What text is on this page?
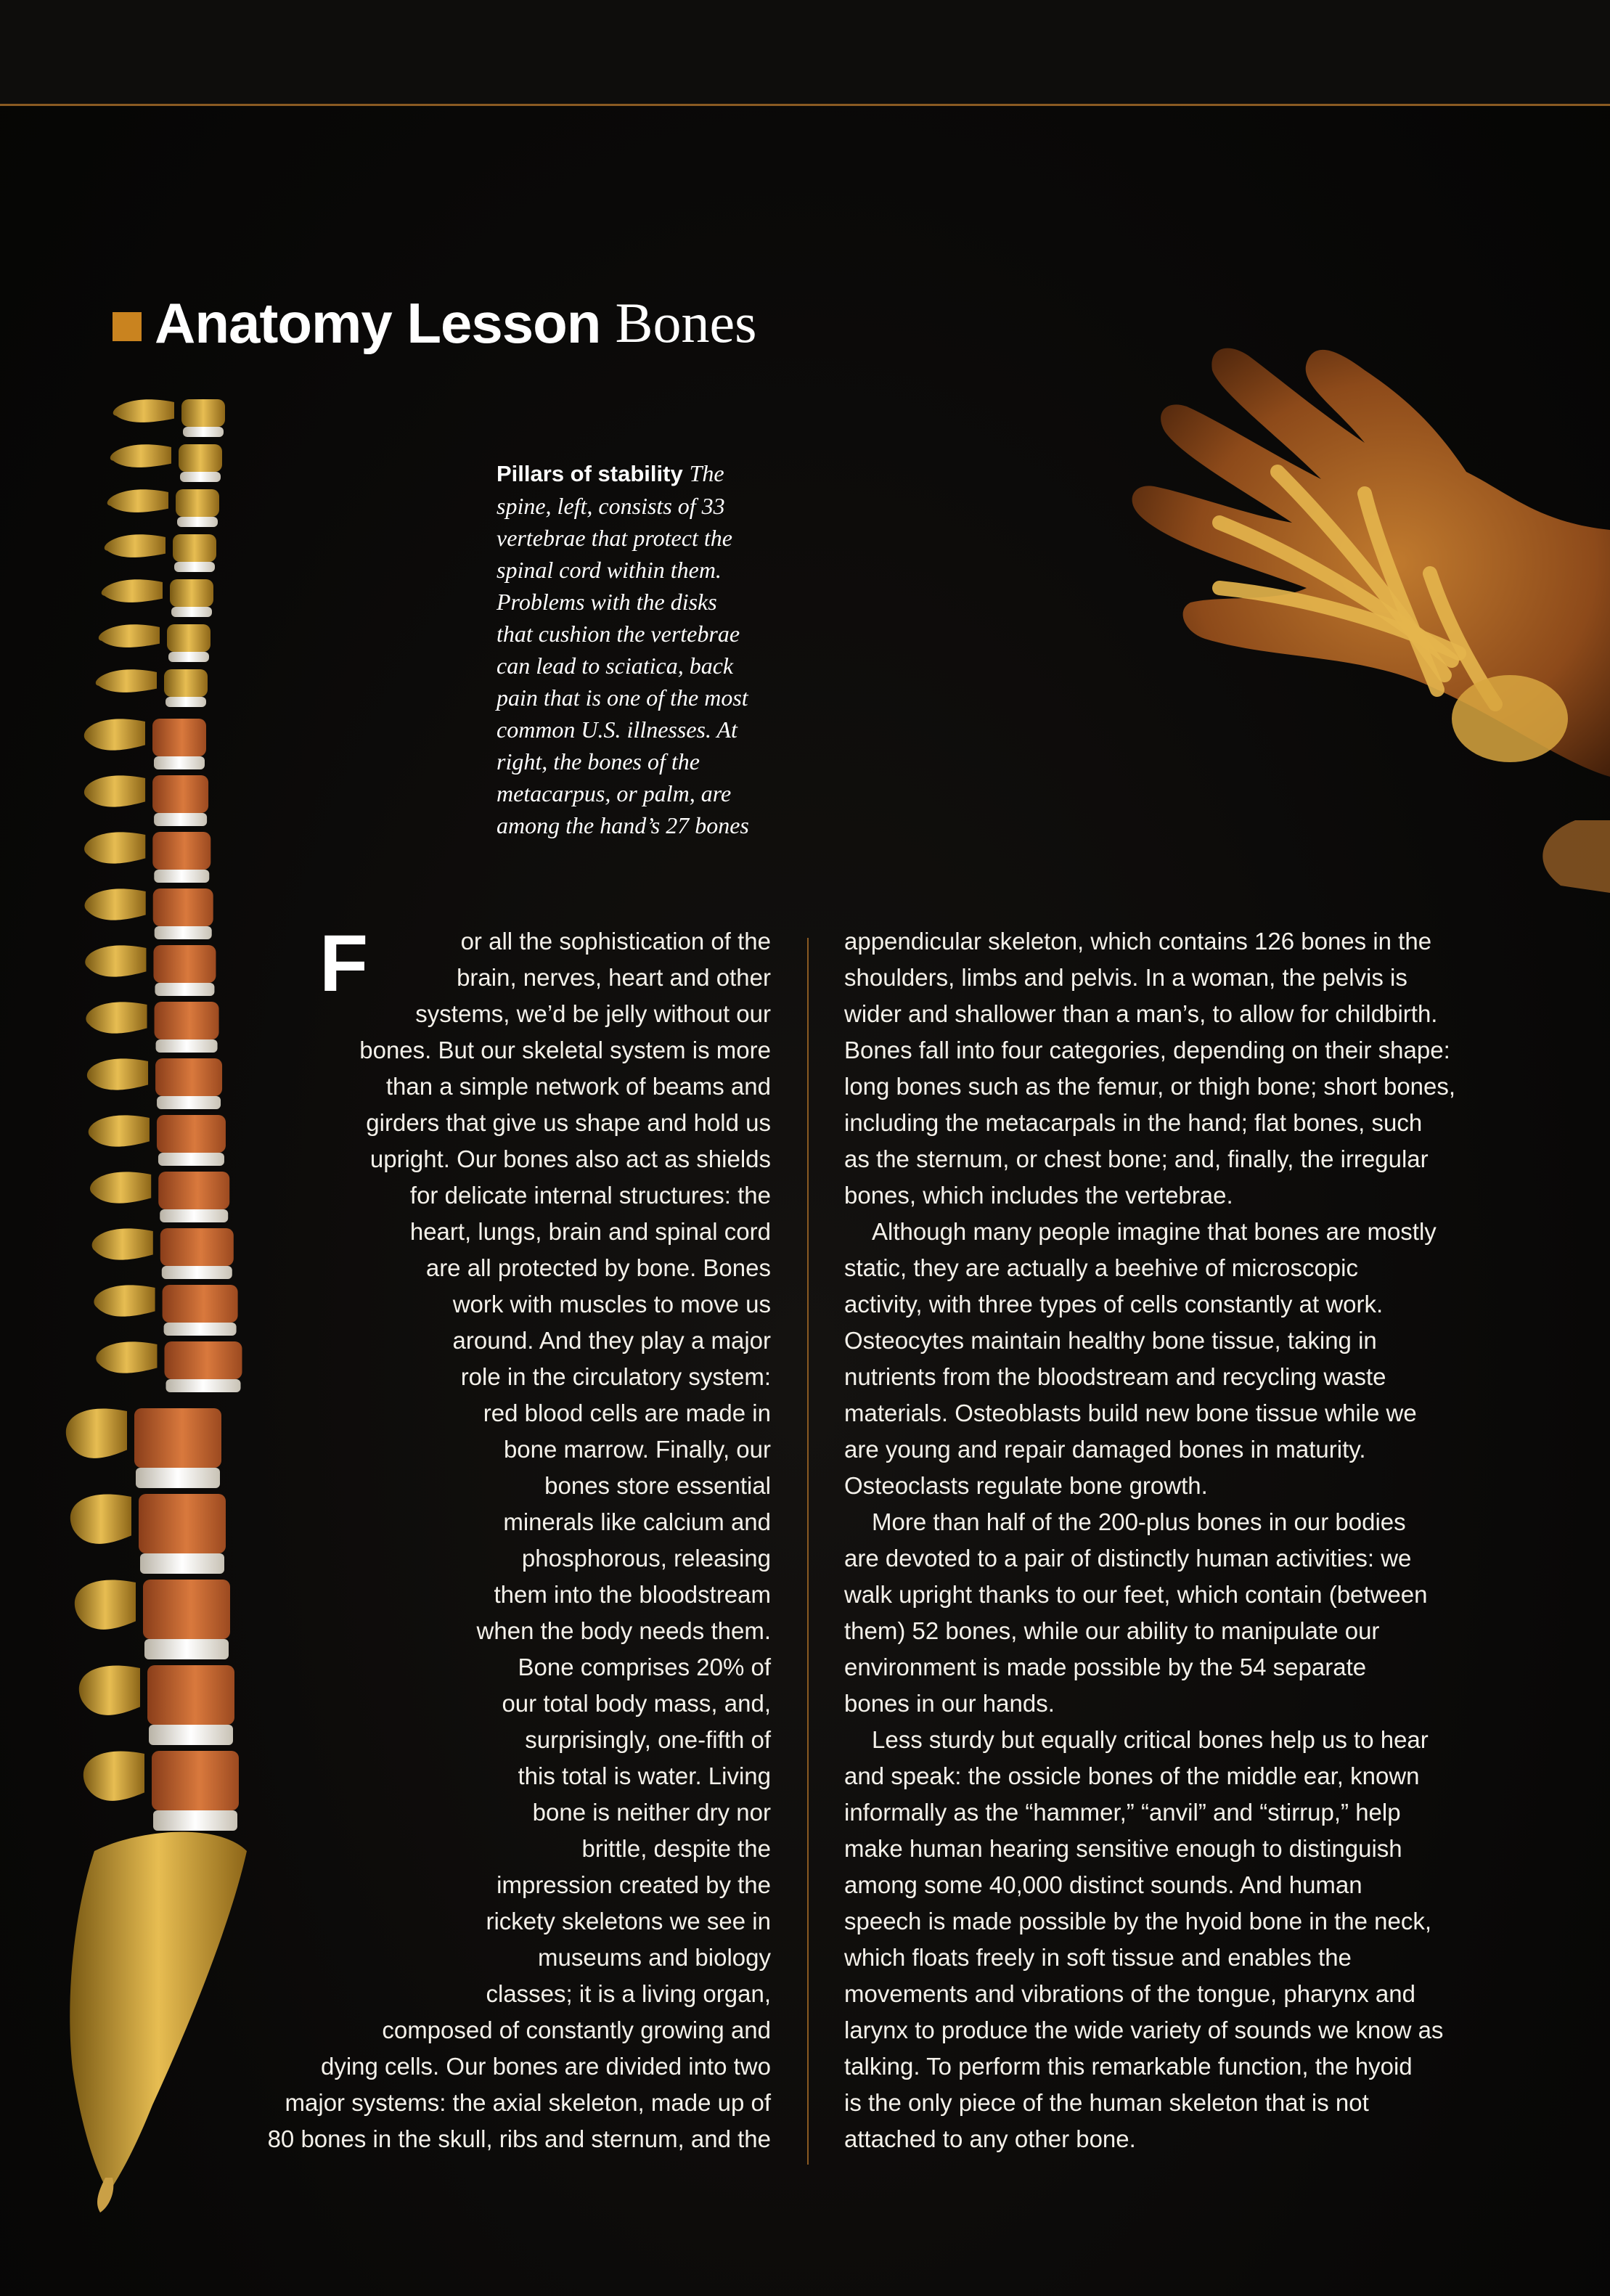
Anatomy Lesson Bones
Pillars of stability The
spine, left, consists of 33
vertebrae that protect the
spinal cord within them.
Problems with the disks
that cushion the vertebrae
can lead to sciatica, back
pain that is one of the most
common U.S. illnesses. At
right, the bones of the
metacarpus, or palm, are
among the hand’s 27 bones
or all the sophistication of the
brain, nerves, heart and other
systems, we’d be jelly without our
bones. But our skeletal system is more
than a simple network of beams and
girders that give us shape and hold us
upright. Our bones also act as shields
for delicate internal structures: the
heart, lungs, brain and spinal cord
are all protected by bone. Bones
work with muscles to move us
around. And they play a major
role in the circulatory system:
red blood cells are made in
bone marrow. Finally, our
bones store essential
minerals like calcium and
phosphorous, releasing
them into the bloodstream
when the body needs them.
Bone comprises 20% of
our total body mass, and,
surprisingly, one-fifth of
this total is water. Living
bone is neither dry nor
brittle, despite the
impression created by the
rickety skeletons we see in
museums and biology
classes; it is a living organ,
composed of constantly growing and
dying cells. Our bones are divided into two
major systems: the axial skeleton, made up of
80 bones in the skull, ribs and sternum, and the
F	appendicular skeleton, which contains 126 bones in the
shoulders, limbs and pelvis. In a woman, the pelvis is
wider and shallower than a man’s, to allow for childbirth.
Bones fall into four categories, depending on their shape:
long bones such as the femur, or thigh bone; short bones,
including the metacarpals in the hand; flat bones, such
as the sternum, or chest bone; and, finally, the irregular
bones, which includes the vertebrae.
Although many people imagine that bones are mostly
static, they are actually a beehive of microscopic
activity, with three types of cells constantly at work.
Osteocytes maintain healthy bone tissue, taking in
nutrients from the bloodstream and recycling waste
materials. Osteoblasts build new bone tissue while we
are young and repair damaged bones in maturity.
Osteoclasts regulate bone growth.
More than half of the 200-plus bones in our bodies
are devoted to a pair of distinctly human activities: we
walk upright thanks to our feet, which contain (between
them) 52 bones, while our ability to manipulate our
environment is made possible by the 54 separate
bones in our hands.
Less sturdy but equally critical bones help us to hear
and speak: the ossicle bones of the middle ear, known
informally as the “hammer,” “anvil” and “stirrup,” help
make human hearing sensitive enough to distinguish
among some 40,000 distinct sounds. And human
speech is made possible by the hyoid bone in the neck,
which floats freely in soft tissue and enables the
movements and vibrations of the tongue, pharynx and
larynx to produce the wide variety of sounds we know as
talking. To perform this remarkable function, the hyoid
is the only piece of the human skeleton that is not
attached to any other bone.
